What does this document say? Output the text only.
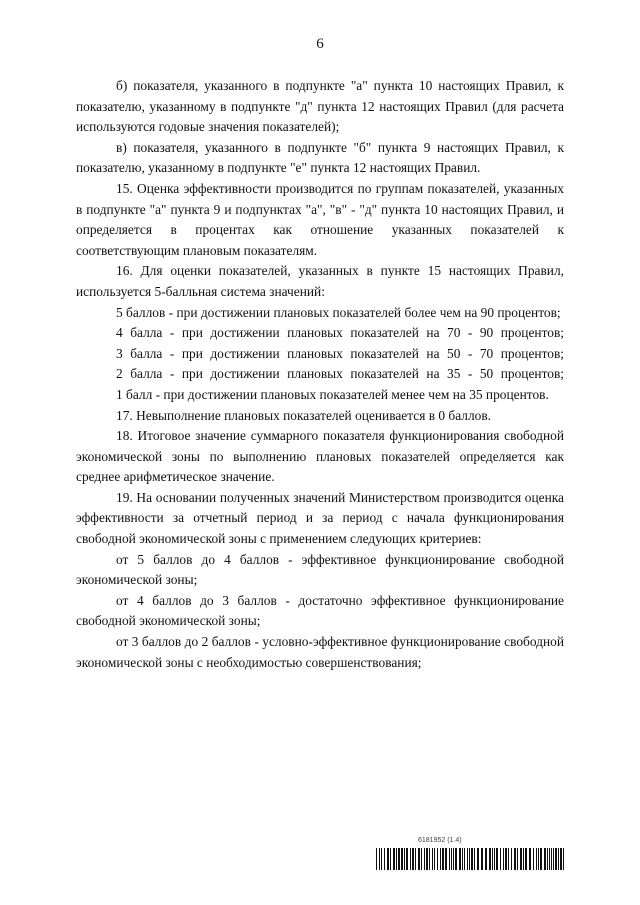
6

б) показателя, указанного в подпункте "а" пункта 10 настоящих Правил, к показателю, указанному в подпункте "д" пункта 12 настоящих Правил (для расчета используются годовые значения показателей);

в) показателя, указанного в подпункте "б" пункта 9 настоящих Правил, к показателю, указанному в подпункте "е" пункта 12 настоящих Правил.

15. Оценка эффективности производится по группам показателей, указанных в подпункте "а" пункта 9 и подпунктах "а", "в" - "д" пункта 10 настоящих Правил, и определяется в процентах как отношение указанных показателей к соответствующим плановым показателям.

16. Для оценки показателей, указанных в пункте 15 настоящих Правил, используется 5-балльная система значений:

5 баллов - при достижении плановых показателей более чем на 90 процентов;

4 балла - при достижении плановых показателей на 70 - 90 процентов;

3 балла - при достижении плановых показателей на 50 - 70 процентов;

2 балла - при достижении плановых показателей на 35 - 50 процентов;

1 балл - при достижении плановых показателей менее чем на 35 процентов.

17. Невыполнение плановых показателей оценивается в 0 баллов.

18. Итоговое значение суммарного показателя функционирования свободной экономической зоны по выполнению плановых показателей определяется как среднее арифметическое значение.

19. На основании полученных значений Министерством производится оценка эффективности за отчетный период и за период с начала функционирования свободной экономической зоны с применением следующих критериев:

от 5 баллов до 4 баллов - эффективное функционирование свободной экономической зоны;

от 4 баллов до 3 баллов - достаточно эффективное функционирование свободной экономической зоны;

от 3 баллов до 2 баллов - условно-эффективное функционирование свободной экономической зоны с необходимостью совершенствования;

6181952 (1.4)
